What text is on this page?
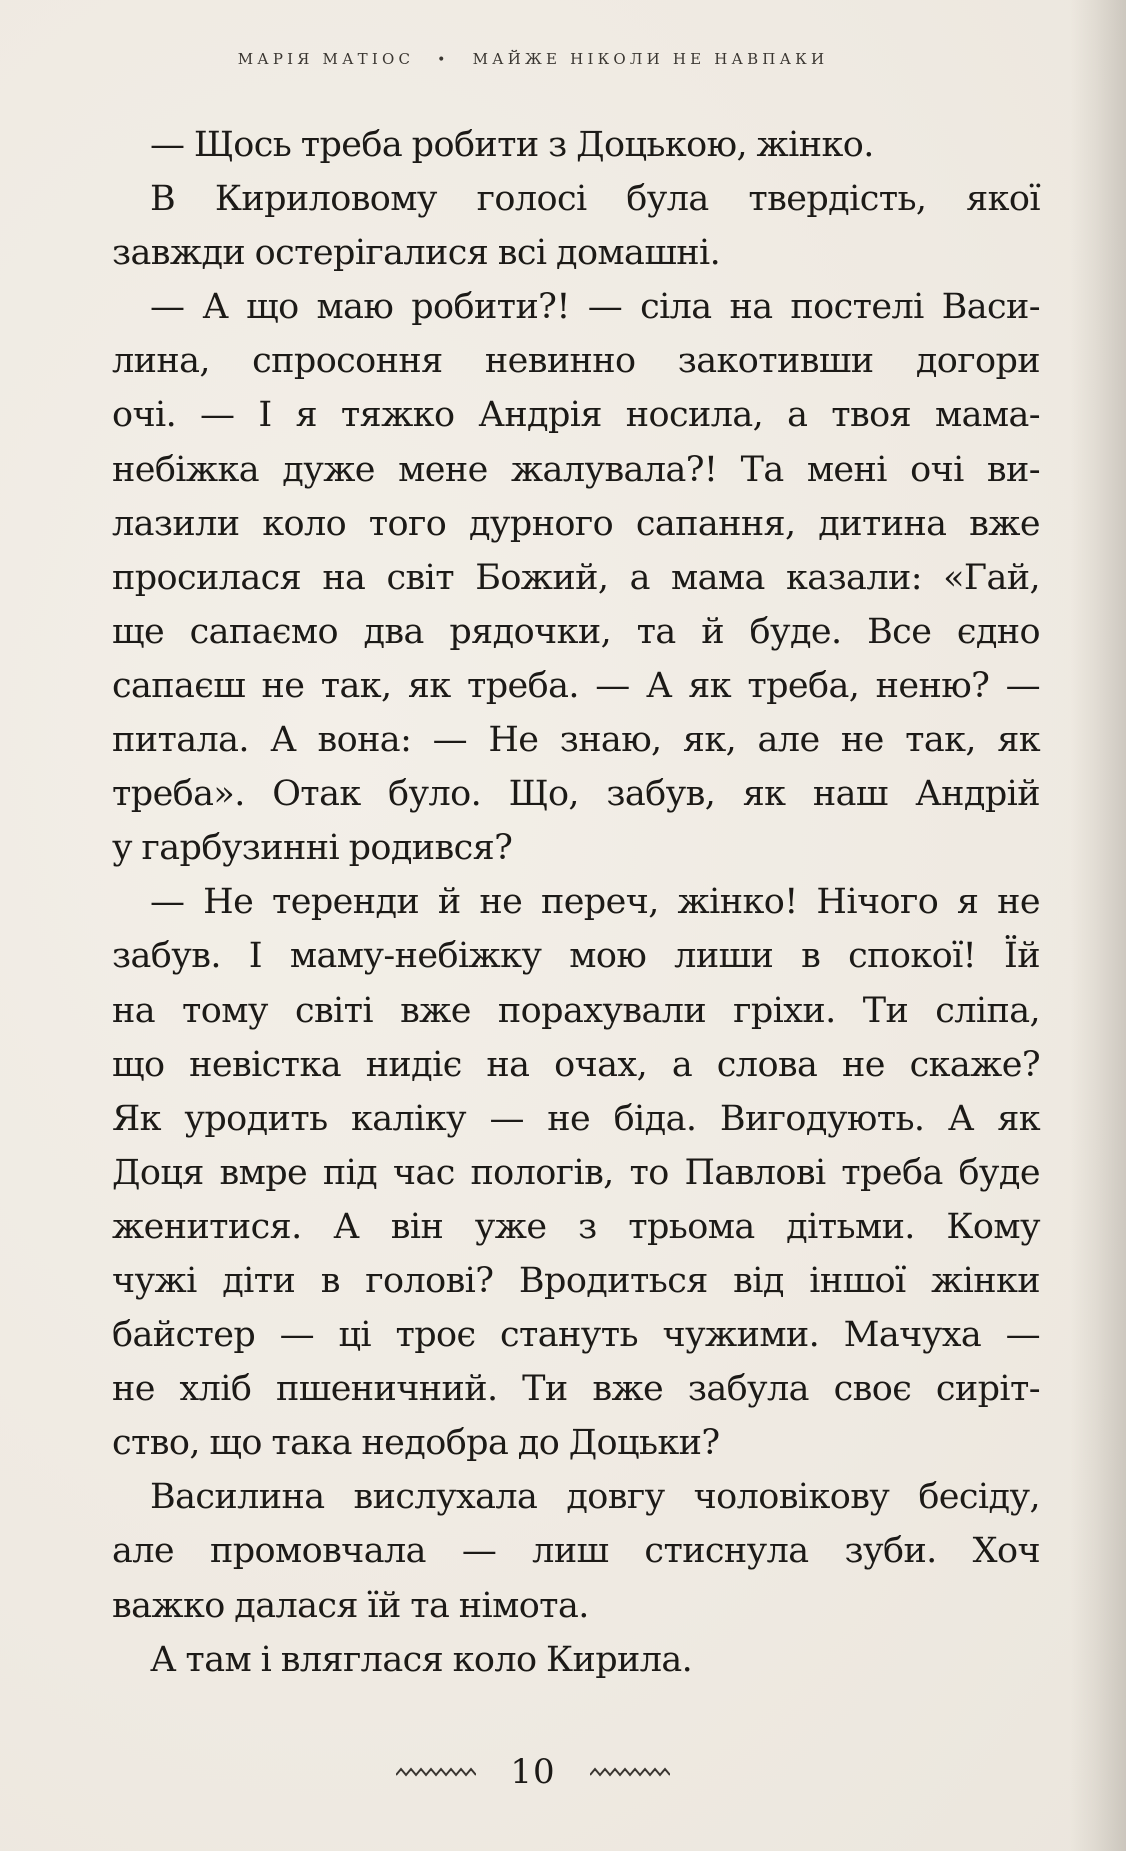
МАРІЯ МАТІОС • МАЙЖЕ НІКОЛИ НЕ НАВПАКИ
— Щось треба робити з Доцькою, жінко.
В Кириловому голосі була твердість, якої
завжди остерігалися всі домашні.
— А що маю робити?! — сіла на постелі Васи-
лина, спросоння невинно закотивши догори
очі. — І я тяжко Андрія носила, а твоя мама-
небіжка дуже мене жалувала?! Та мені очі ви-
лазили коло того дурного сапання, дитина вже
просилася на світ Божий, а мама казали: «Гай,
ще сапаємо два рядочки, та й буде. Все єдно
сапаєш не так, як треба. — А як треба, неню? —
питала. А вона: — Не знаю, як, але не так, як
треба». Отак було. Що, забув, як наш Андрій
у гарбузинні родився?
— Не теренди й не переч, жінко! Нічого я не
забув. І маму-небіжку мою лиши в спокої! Їй
на тому світі вже порахували гріхи. Ти сліпа,
що невістка нидіє на очах, а слова не скаже?
Як уродить каліку — не біда. Вигодують. А як
Доця вмре під час пологів, то Павлові треба буде
женитися. А він уже з трьома дітьми. Кому
чужі діти в голові? Вродиться від іншої жінки
байстер — ці троє стануть чужими. Мачуха —
не хліб пшеничний. Ти вже забула своє сиріт-
ство, що така недобра до Доцьки?
Василина вислухала довгу чоловікову бесіду,
але промовчала — лиш стиснула зуби. Хоч
важко далася їй та німота.
А там і вляглася коло Кирила.
10
